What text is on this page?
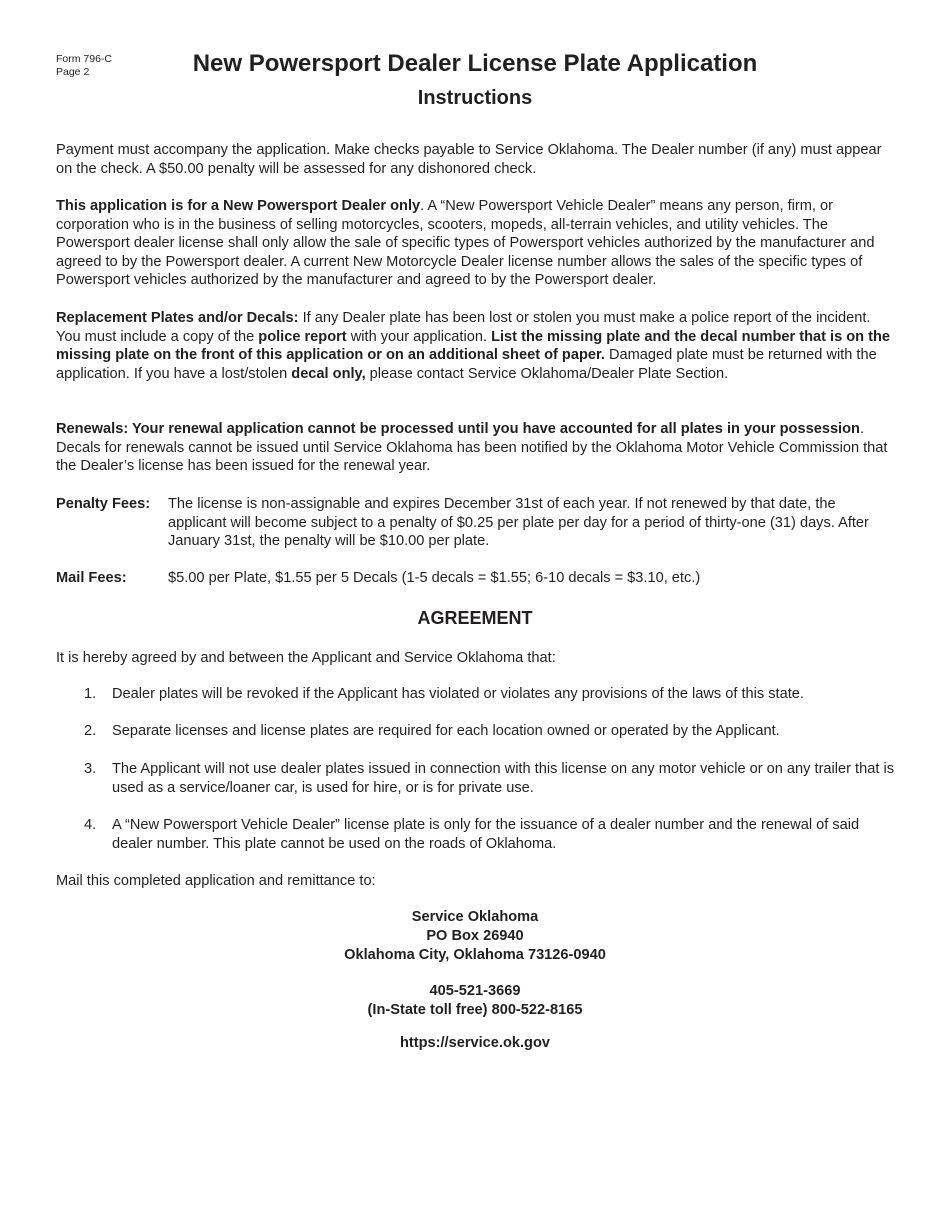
Form 796-C
Page 2	New Powersport Dealer License Plate Application
Instructions

Payment must accompany the application. Make checks payable to Service Oklahoma. The Dealer number (if any) must appear on the check. A $50.00 penalty will be assessed for any dishonored check.

This application is for a New Powersport Dealer only. A “New Powersport Vehicle Dealer” means any person, firm, or corporation who is in the business of selling motorcycles, scooters, mopeds, all-terrain vehicles, and utility vehicles. The Powersport dealer license shall only allow the sale of specific types of Powersport vehicles authorized by the manufacturer and agreed to by the Powersport dealer. A current New Motorcycle Dealer license number allows the sales of the specific types of Powersport vehicles authorized by the manufacturer and agreed to by the Powersport dealer.

Replacement Plates and/or Decals: If any Dealer plate has been lost or stolen you must make a police report of the incident. You must include a copy of the police report with your application. List the missing plate and the decal number that is on the missing plate on the front of this application or on an additional sheet of paper. Damaged plate must be returned with the application. If you have a lost/stolen decal only, please contact Service Oklahoma/Dealer Plate Section.

Renewals: Your renewal application cannot be processed until you have accounted for all plates in your possession. Decals for renewals cannot be issued until Service Oklahoma has been notified by the Oklahoma Motor Vehicle Commission that the Dealer’s license has been issued for the renewal year.

Penalty Fees: The license is non-assignable and expires December 31st of each year. If not renewed by that date, the applicant will become subject to a penalty of $0.25 per plate per day for a period of thirty-one (31) days. After January 31st, the penalty will be $10.00 per plate.
Mail Fees:	$5.00 per Plate, $1.55 per 5 Decals (1-5 decals = $1.55; 6-10 decals = $3.10, etc.)
AGREEMENT

It is hereby agreed by and between the Applicant and Service Oklahoma that:

1. Dealer plates will be revoked if the Applicant has violated or violates any provisions of the laws of this state.
2. Separate licenses and license plates are required for each location owned or operated by the Applicant.
3. The Applicant will not use dealer plates issued in connection with this license on any motor vehicle or on any trailer that is used as a service/loaner car, is used for hire, or is for private use.
4. A “New Powersport Vehicle Dealer” license plate is only for the issuance of a dealer number and the renewal of said dealer number. This plate cannot be used on the roads of Oklahoma.

Mail this completed application and remittance to:

Service Oklahoma
PO Box 26940
Oklahoma City, Oklahoma 73126-0940
405-521-3669
(In-State toll free) 800-522-8165
https://service.ok.gov
